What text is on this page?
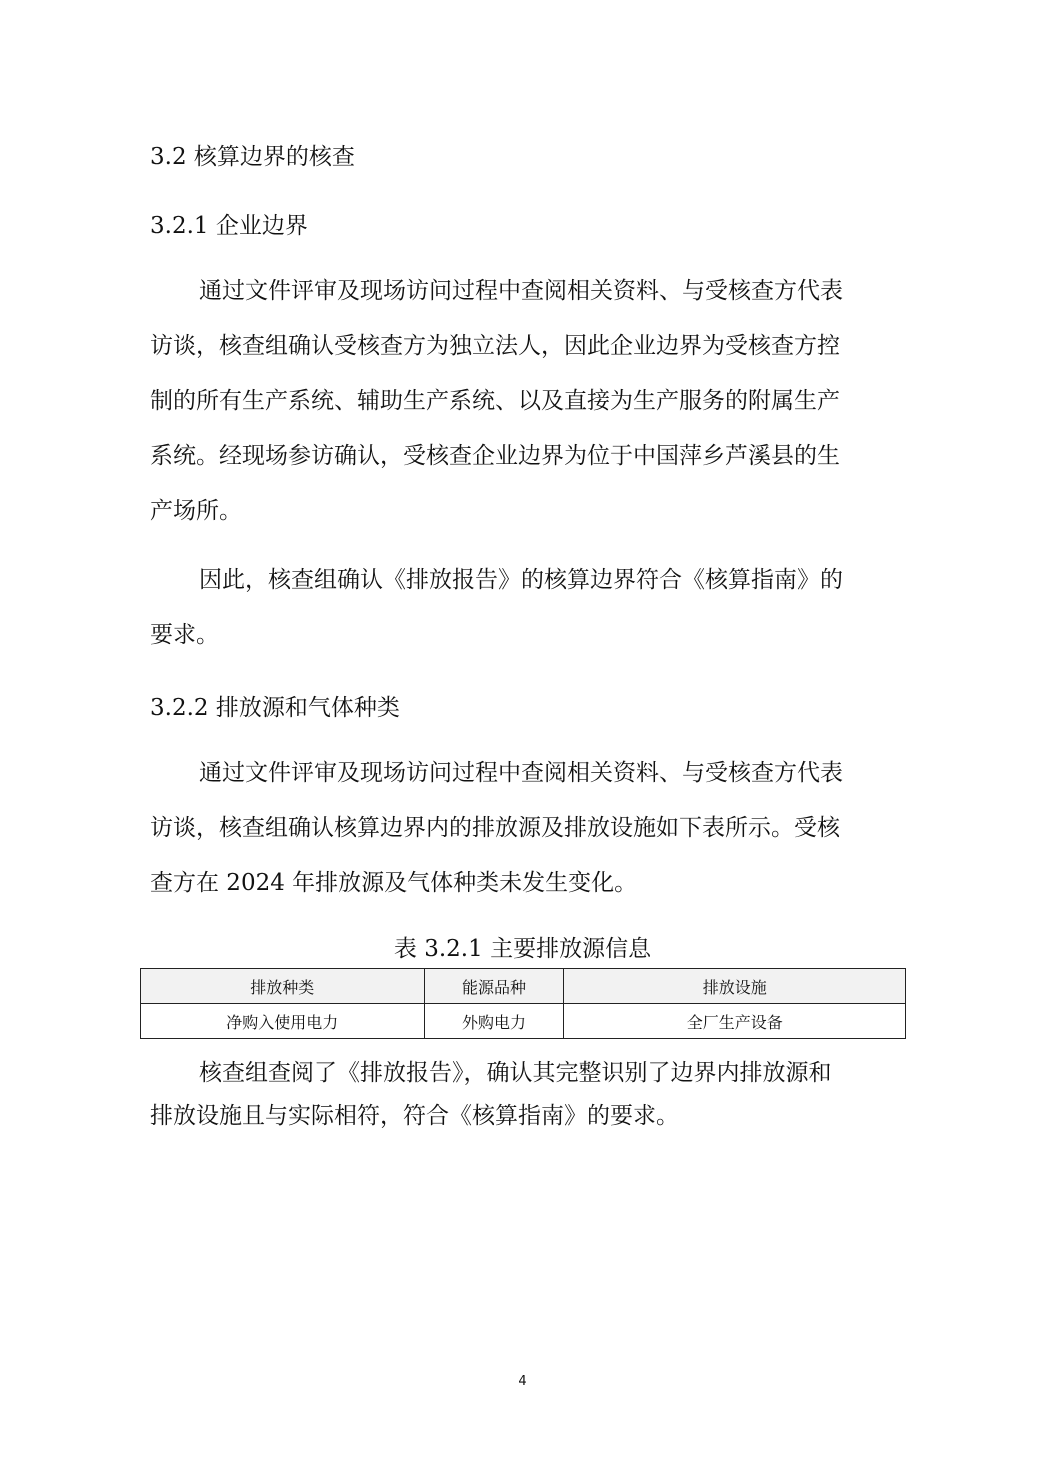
3.2 核算边界的核查
3.2.1 企业边界
通过文件评审及现场访问过程中查阅相关资料、与受核查方代表
访谈，核查组确认受核查方为独立法人，因此企业边界为受核查方控
制的所有生产系统、辅助生产系统、以及直接为生产服务的附属生产
系统。经现场参访确认，受核查企业边界为位于中国萍乡芦溪县的生
产场所。
因此，核查组确认《排放报告》的核算边界符合《核算指南》的
要求。
3.2.2 排放源和气体种类
通过文件评审及现场访问过程中查阅相关资料、与受核查方代表
访谈，核查组确认核算边界内的排放源及排放设施如下表所示。受核
查方在 2024 年排放源及气体种类未发生变化。
表 3.2.1 主要排放源信息
排放种类	能源品种	排放设施
净购入使用电力	外购电力	全厂生产设备
核查组查阅了《排放报告》，确认其完整识别了边界内排放源和
排放设施且与实际相符，符合《核算指南》的要求。
4
